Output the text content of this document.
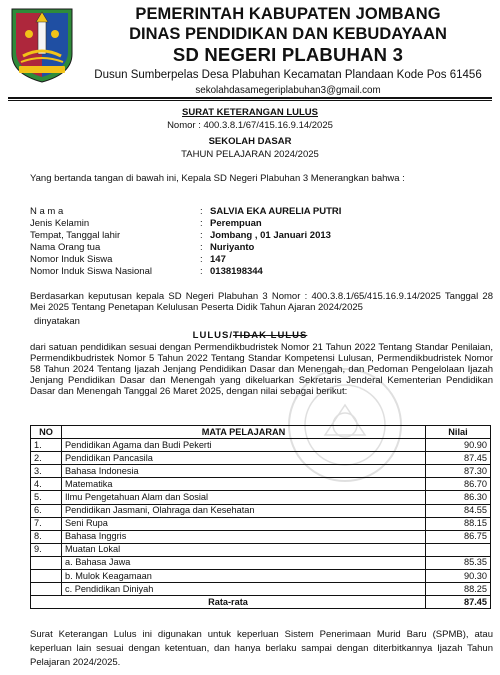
PEMERINTAH KABUPATEN JOMBANG
DINAS PENDIDIKAN DAN KEBUDAYAAN
SD NEGERI PLABUHAN 3
Dusun Sumberpelas Desa Plabuhan Kecamatan Plandaan Kode Pos 61456
sekolahdasamegeriplabuhan3@gmail.com
SURAT KETERANGAN LULUS
Nomor : 400.3.8.1/67/415.16.9.14/2025
SEKOLAH DASAR
TAHUN PELAJARAN 2024/2025
Yang bertanda tangan di bawah ini, Kepala SD Negeri Plabuhan 3 Menerangkan bahwa :
N a m a	: SALVIA EKA AURELIA PUTRI
Jenis Kelamin	: Perempuan
Tempat, Tanggal lahir	: Jombang , 01 Januari 2013
Nama Orang tua	: Nuriyanto
Nomor Induk Siswa	: 147
Nomor Induk Siswa Nasional	: 0138198344
Berdasarkan keputusan kepala SD Negeri Plabuhan 3 Nomor : 400.3.8.1/65/415.16.9.14/2025 Tanggal 28 Mei 2025 Tentang Penetapan Kelulusan Peserta Didik Tahun Ajaran 2024/2025
dinyatakan
LULUS/TIDAK LULUS
dari satuan pendidikan sesuai dengan Permendikbudristek Nomor 21 Tahun 2022 Tentang Standar Penilaian, Permendikbudristek Nomor 5 Tahun 2022 Tentang Standar Kompetensi Lulusan, Permendikbudristek Nomor 58 Tahun 2024 Tentang Ijazah Jenjang Pendidikan Dasar dan Menengah, dan Pedoman Pengelolaan Ijazah Jenjang Pendidikan Dasar dan Menengah yang dikeluarkan Sekretaris Jenderal Kementerian Pendidikan Dasar dan Menengah Tanggal 26 Maret 2025, dengan nilai sebagai berikut:
NO	MATA PELAJARAN	Nilai
1.	Pendidikan Agama dan Budi Pekerti	90.90
2.	Pendidikan Pancasila	87.45
3.	Bahasa Indonesia	87.30
4.	Matematika	86.70
5.	Ilmu Pengetahuan Alam dan Sosial	86.30
6.	Pendidikan Jasmani, Olahraga dan Kesehatan	84.55
7.	Seni Rupa	88.15
8.	Bahasa Inggris	86.75
9.	Muatan Lokal	
	a. Bahasa Jawa	85.35
	b. Mulok Keagamaan	90.30
	c. Pendidikan Diniyah	88.25
Rata-rata		87.45
Surat Keterangan Lulus ini digunakan untuk keperluan Sistem Penerimaan Murid Baru (SPMB), atau keperluan lain sesuai dengan ketentuan, dan hanya berlaku sampai dengan diterbitkannya Ijazah Tahun Pelajaran 2024/2025.
